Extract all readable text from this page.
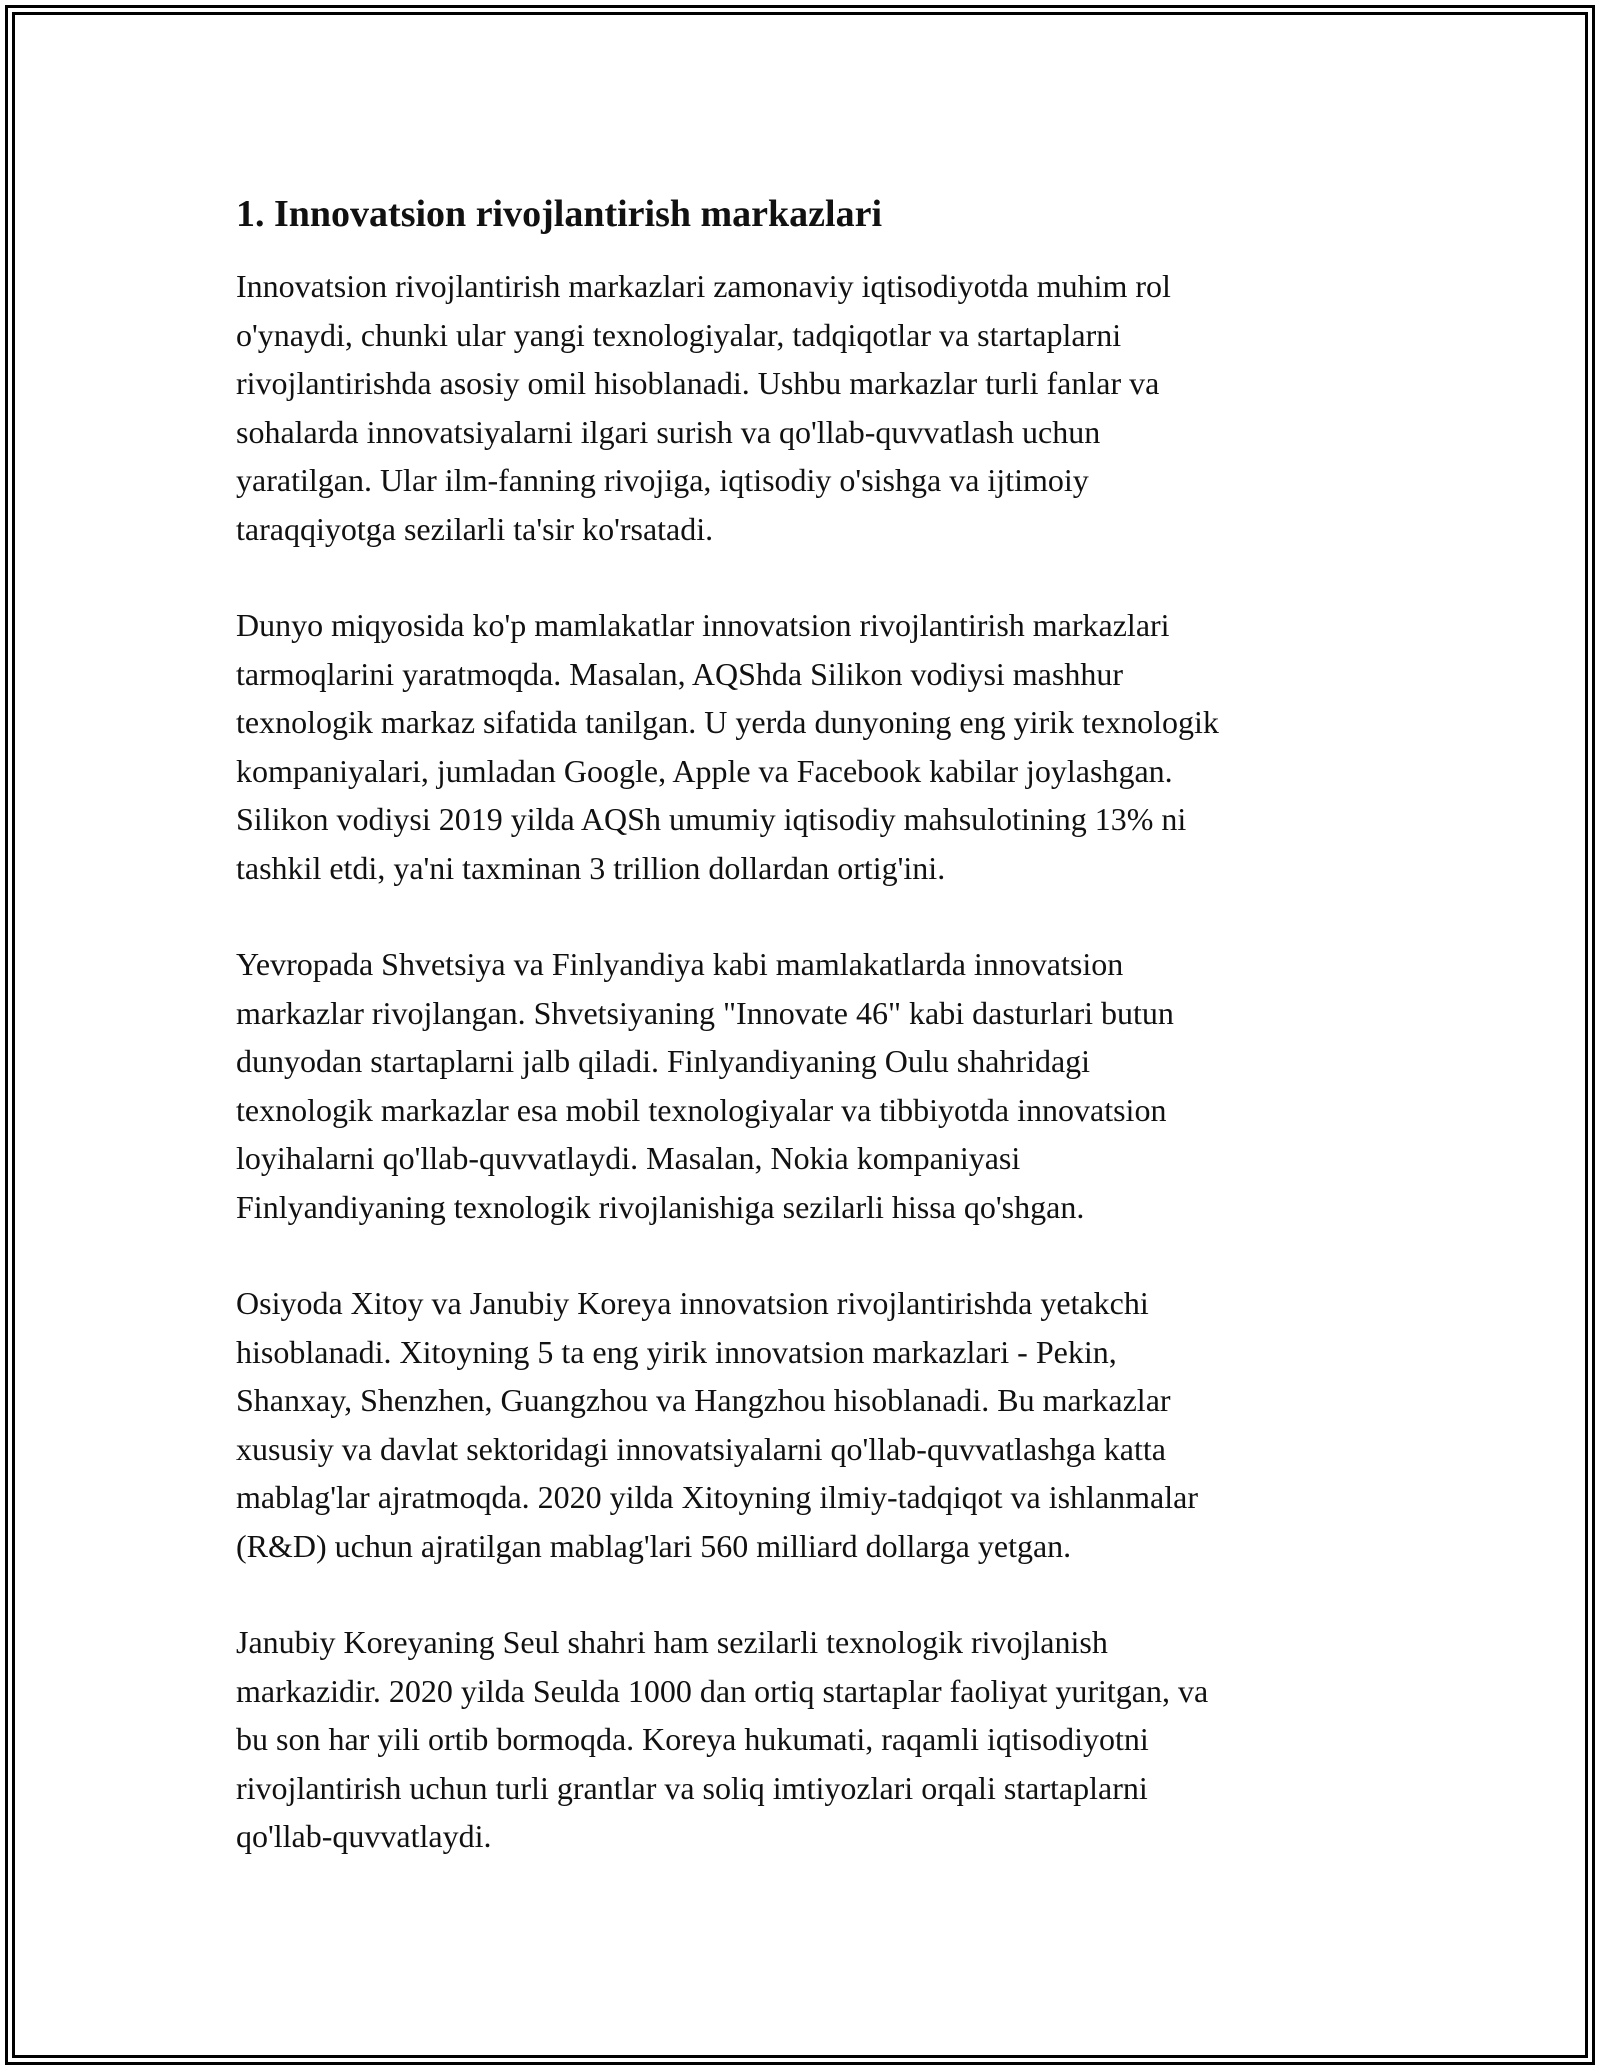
1. Innovatsion rivojlantirish markazlari

Innovatsion rivojlantirish markazlari zamonaviy iqtisodiyotda muhim rol
o'ynaydi, chunki ular yangi texnologiyalar, tadqiqotlar va startaplarni
rivojlantirishda asosiy omil hisoblanadi. Ushbu markazlar turli fanlar va
sohalarda innovatsiyalarni ilgari surish va qo'llab-quvvatlash uchun
yaratilgan. Ular ilm-fanning rivojiga, iqtisodiy o'sishga va ijtimoiy
taraqqiyotga sezilarli ta'sir ko'rsatadi.

Dunyo miqyosida ko'p mamlakatlar innovatsion rivojlantirish markazlari
tarmoqlarini yaratmoqda. Masalan, AQShda Silikon vodiysi mashhur
texnologik markaz sifatida tanilgan. U yerda dunyoning eng yirik texnologik
kompaniyalari, jumladan Google, Apple va Facebook kabilar joylashgan.
Silikon vodiysi 2019 yilda AQSh umumiy iqtisodiy mahsulotining 13% ni
tashkil etdi, ya'ni taxminan 3 trillion dollardan ortig'ini.

Yevropada Shvetsiya va Finlyandiya kabi mamlakatlarda innovatsion
markazlar rivojlangan. Shvetsiyaning "Innovate 46" kabi dasturlari butun
dunyodan startaplarni jalb qiladi. Finlyandiyaning Oulu shahridagi
texnologik markazlar esa mobil texnologiyalar va tibbiyotda innovatsion
loyihalarni qo'llab-quvvatlaydi. Masalan, Nokia kompaniyasi
Finlyandiyaning texnologik rivojlanishiga sezilarli hissa qo'shgan.

Osiyoda Xitoy va Janubiy Koreya innovatsion rivojlantirishda yetakchi
hisoblanadi. Xitoyning 5 ta eng yirik innovatsion markazlari - Pekin,
Shanxay, Shenzhen, Guangzhou va Hangzhou hisoblanadi. Bu markazlar
xususiy va davlat sektoridagi innovatsiyalarni qo'llab-quvvatlashga katta
mablag'lar ajratmoqda. 2020 yilda Xitoyning ilmiy-tadqiqot va ishlanmalar
(R&D) uchun ajratilgan mablag'lari 560 milliard dollarga yetgan.

Janubiy Koreyaning Seul shahri ham sezilarli texnologik rivojlanish
markazidir. 2020 yilda Seulda 1000 dan ortiq startaplar faoliyat yuritgan, va
bu son har yili ortib bormoqda. Koreya hukumati, raqamli iqtisodiyotni
rivojlantirish uchun turli grantlar va soliq imtiyozlari orqali startaplarni
qo'llab-quvvatlaydi.
